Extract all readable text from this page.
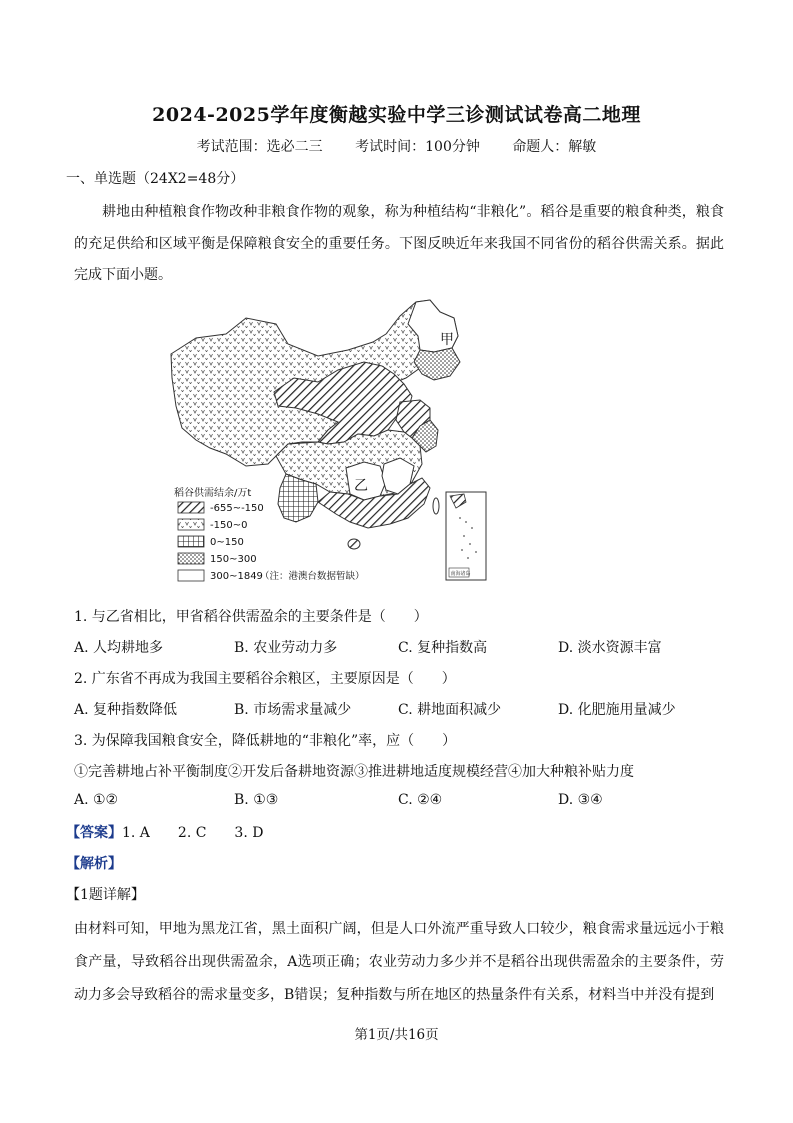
2024-2025学年度衡越实验中学三诊测试试卷高二地理
考试范围：选必二三 考试时间：100分钟 命题人：解敏
一、单选题（24X2=48分）
耕地由种植粮食作物改种非粮食作物的观象，称为种植结构“非粮化”。稻谷是重要的粮食种类，粮食的充足供给和区域平衡是保障粮食安全的重要任务。下图反映近年来我国不同省份的稻谷供需关系。据此完成下面小题。
甲
乙
南海诸岛
稻谷供需结余/万t
-655~-150
-150~0
0~150
150~300
300~1849
（注：港澳台数据暂缺）
1. 与乙省相比，甲省稻谷供需盈余的主要条件是（　　）
A. 人均耕地多	B. 农业劳动力多	C. 复种指数高	D. 淡水资源丰富
2. 广东省不再成为我国主要稻谷余粮区，主要原因是（　　）
A. 复种指数降低	B. 市场需求量减少	C. 耕地面积减少	D. 化肥施用量减少
3. 为保障我国粮食安全，降低耕地的“非粮化”率，应（　　）
①完善耕地占补平衡制度②开发后备耕地资源③推进耕地适度规模经营④加大种粮补贴力度
A. ①②	B. ①③	C. ②④	D. ③④
【答案】1. A　　2. C　　3. D
【解析】
【1题详解】
由材料可知，甲地为黑龙江省，黑土面积广阔，但是人口外流严重导致人口较少，粮食需求量远远小于粮食产量，导致稻谷出现供需盈余，A选项正确；农业劳动力多少并不是稻谷出现供需盈余的主要条件，劳动力多会导致稻谷的需求量变多，B错误；复种指数与所在地区的热量条件有关系，材料当中并没有提到
第1页/共16页
